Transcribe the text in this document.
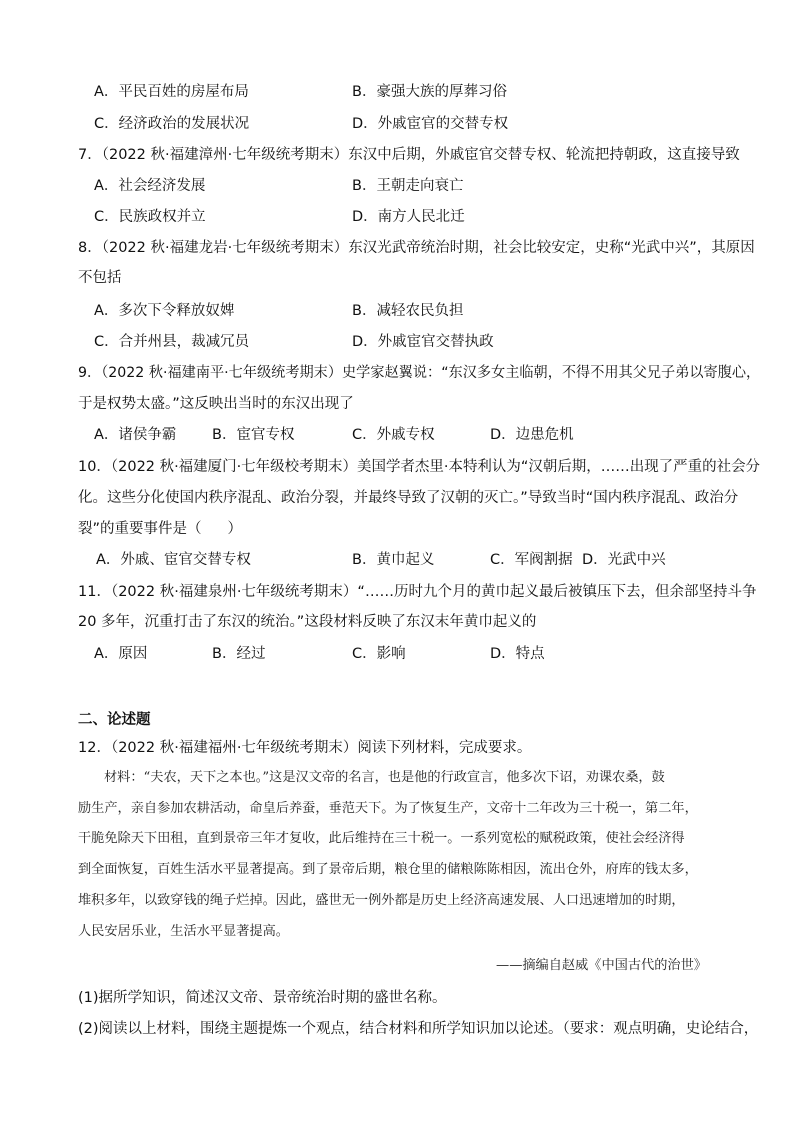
A．平民百姓的房屋布局	B．豪强大族的厚葬习俗
C．经济政治的发展状况	D．外戚宦官的交替专权
7．（2022 秋·福建漳州·七年级统考期末）东汉中后期，外戚宦官交替专权、轮流把持朝政，这直接导致
A．社会经济发展	B．王朝走向衰亡
C．民族政权并立	D．南方人民北迁
8．（2022 秋·福建龙岩·七年级统考期末）东汉光武帝统治时期，社会比较安定，史称“光武中兴”，其原因
不包括
A．多次下令释放奴婢	B．减轻农民负担
C．合并州县，裁减冗员	D．外戚宦官交替执政
9．（2022 秋·福建南平·七年级统考期末）史学家赵翼说：“东汉多女主临朝，不得不用其父兄子弟以寄腹心，
于是权势太盛。”这反映出当时的东汉出现了
A．诸侯争霸 B．宦官专权	C．外戚专权	D．边患危机
10．（2022 秋·福建厦门·七年级校考期末）美国学者杰里·本特利认为“汉朝后期，……出现了严重的社会分
化。这些分化使国内秩序混乱、政治分裂，并最终导致了汉朝的灭亡。”导致当时“国内秩序混乱、政治分
裂”的重要事件是（ ）
A．外戚、宦官交替专权	B．黄巾起义	C．军阀割据 D．光武中兴
11．（2022 秋·福建泉州·七年级统考期末）“……历时九个月的黄巾起义最后被镇压下去，但余部坚持斗争
20 多年，沉重打击了东汉的统治。”这段材料反映了东汉末年黄巾起义的
A．原因	B．经过	C．影响	D．特点
二、论述题
12．（2022 秋·福建福州·七年级统考期末）阅读下列材料，完成要求。
材料：“夫农，天下之本也。”这是汉文帝的名言，也是他的行政宣言，他多次下诏，劝课农桑，鼓
励生产，亲自参加农耕活动，命皇后养蚕，垂范天下。为了恢复生产，文帝十二年改为三十税一，第二年，
干脆免除天下田租，直到景帝三年才复收，此后维持在三十税一。一系列宽松的赋税政策，使社会经济得
到全面恢复，百姓生活水平显著提高。到了景帝后期，粮仓里的储粮陈陈相因，流出仓外，府库的钱太多，
堆积多年，以致穿钱的绳子烂掉。因此，盛世无一例外都是历史上经济高速发展、人口迅速增加的时期，
人民安居乐业，生活水平显著提高。
——摘编自赵威《中国古代的治世》
(1)据所学知识，简述汉文帝、景帝统治时期的盛世名称。
(2)阅读以上材料，围绕主题提炼一个观点，结合材料和所学知识加以论述。（要求：观点明确，史论结合，
